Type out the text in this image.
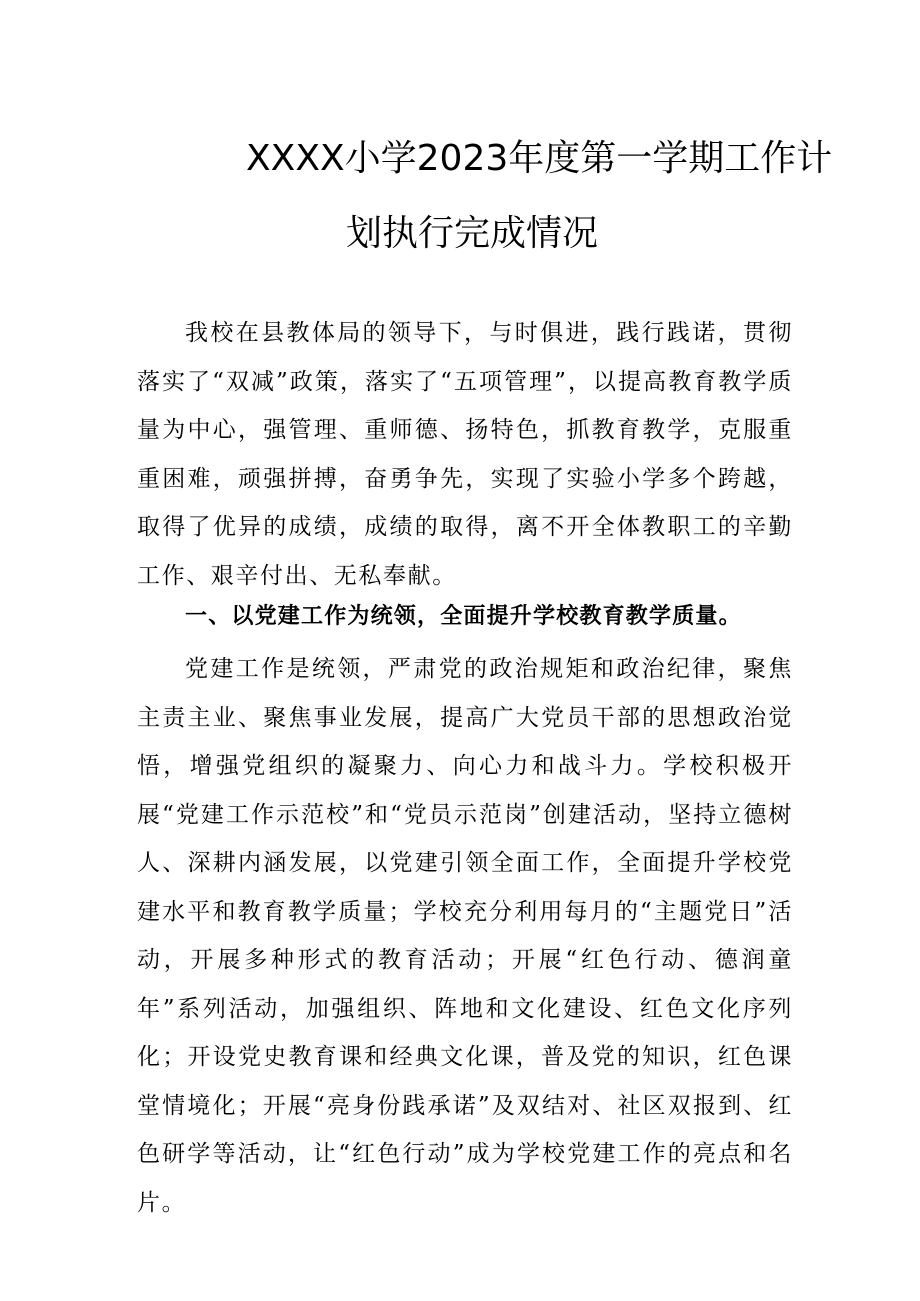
XXXX小学2023年度第一学期工作计
划执行完成情况

我校在县教体局的领导下，与时俱进，践行践诺，贯彻落实了“双减”政策，落实了“五项管理”，以提高教育教学质量为中心，强管理、重师德、扬特色，抓教育教学，克服重重困难，顽强拼搏，奋勇争先，实现了实验小学多个跨越，取得了优异的成绩，成绩的取得，离不开全体教职工的辛勤工作、艰辛付出、无私奉献。

一、以党建工作为统领，全面提升学校教育教学质量。

党建工作是统领，严肃党的政治规矩和政治纪律，聚焦主责主业、聚焦事业发展，提高广大党员干部的思想政治觉悟，增强党组织的凝聚力、向心力和战斗力。学校积极开展“党建工作示范校”和“党员示范岗”创建活动，坚持立德树人、深耕内涵发展，以党建引领全面工作，全面提升学校党建水平和教育教学质量；学校充分利用每月的“主题党日”活动，开展多种形式的教育活动；开展“红色行动、德润童年”系列活动，加强组织、阵地和文化建设、红色文化序列化；开设党史教育课和经典文化课，普及党的知识，红色课堂情境化；开展“亮身份践承诺”及双结对、社区双报到、红色研学等活动，让“红色行动”成为学校党建工作的亮点和名片。
